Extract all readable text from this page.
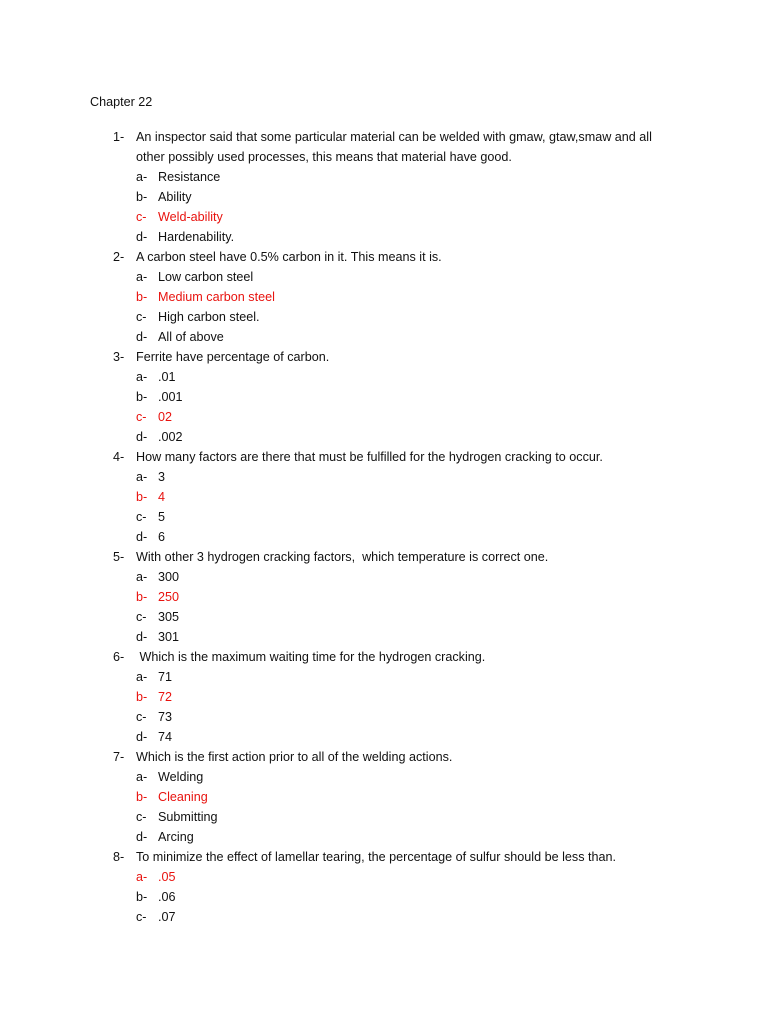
Chapter 22
1- An inspector said that some particular material can be welded with gmaw, gtaw,smaw and all other possibly used processes, this means that material have good.
a- Resistance
b- Ability
c- Weld-ability
d- Hardenability.
2- A carbon steel have 0.5% carbon in it. This means it is.
a- Low carbon steel
b- Medium carbon steel
c- High carbon steel.
d- All of above
3- Ferrite have percentage of carbon.
a- .01
b- .001
c- 02
d- .002
4- How many factors are there that must be fulfilled for the hydrogen cracking to occur.
a- 3
b- 4
c- 5
d- 6
5- With other 3 hydrogen cracking factors,  which temperature is correct one.
a- 300
b- 250
c- 305
d- 301
6- Which is the maximum waiting time for the hydrogen cracking.
a- 71
b- 72
c- 73
d- 74
7- Which is the first action prior to all of the welding actions.
a- Welding
b- Cleaning
c- Submitting
d- Arcing
8- To minimize the effect of lamellar tearing, the percentage of sulfur should be less than.
a- .05
b- .06
c- .07
